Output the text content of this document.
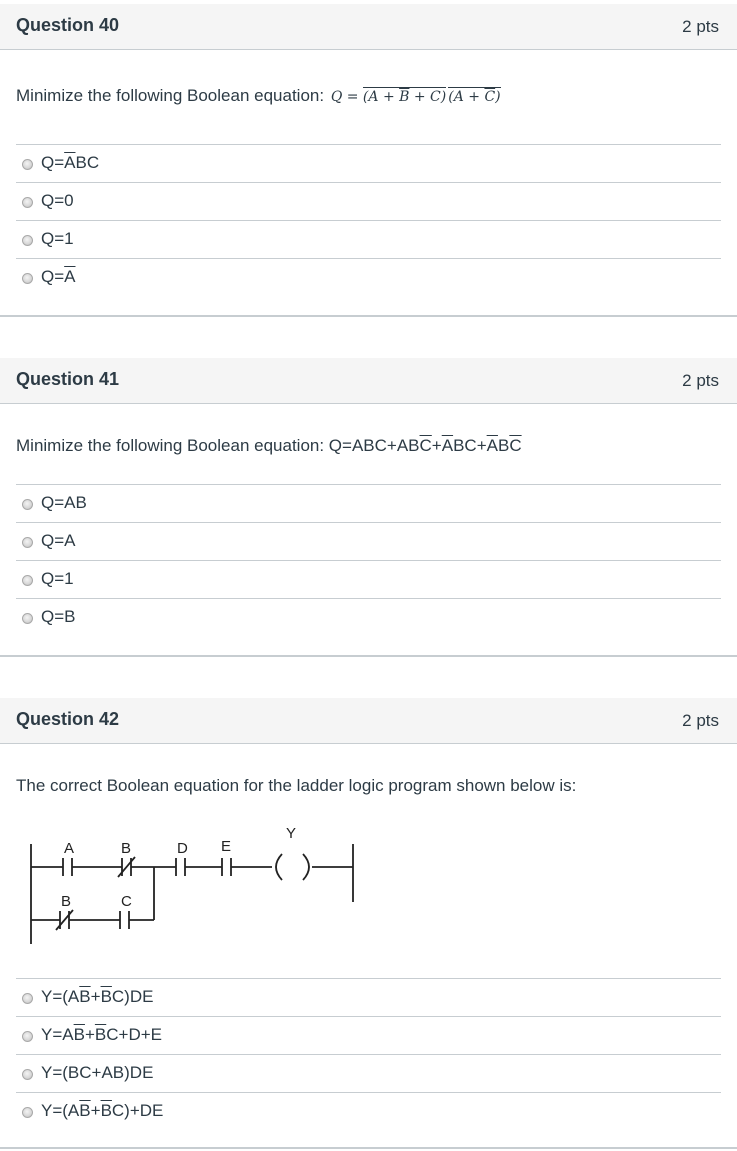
Question 40	2 pts
Minimize the following Boolean equation: $Q = (A + \overline{B} + C)$ $(A + \overline{C})$
$Q=\overline{A}BC$
Q=0
Q=1
$Q=\overline{A}$
Question 41	2 pts
Minimize the following Boolean equation: $Q=ABC+AB\overline{C}+\overline{A}BC+\overline{A}B\overline{C}$
Q=AB
Q=A
Q=1
Q=B
Question 42	2 pts
The correct Boolean equation for the ladder logic program shown below is:
A	B	D E
Y
B	C
$Y=(A\overline{B}+\overline{B}C)DE$
$Y=A\overline{B}+\overline{B}C+D+E$
Y=(BC+AB)DE
$Y=(A\overline{B}+\overline{B}C)+DE$
